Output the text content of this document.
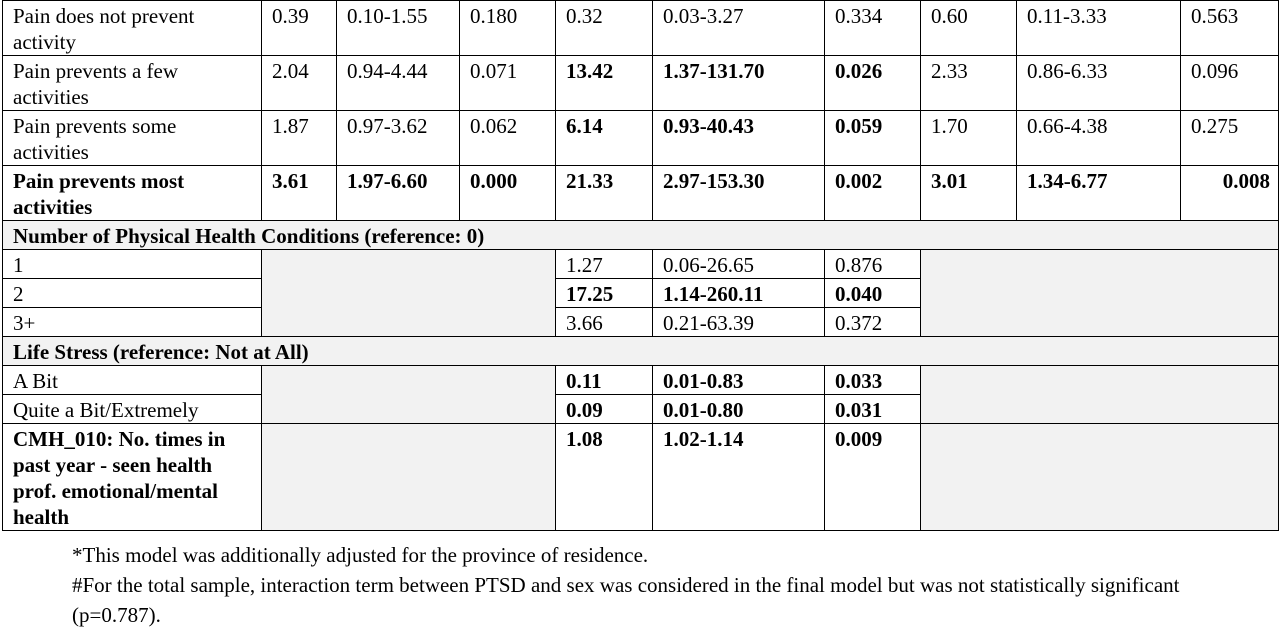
Pain does not prevent activity	0.39	0.10-1.55	0.180	0.32	0.03-3.27	0.334	0.60	0.11-3.33	0.563
Pain prevents a few activities	2.04	0.94-4.44	0.071	13.42	1.37-131.70	0.026	2.33	0.86-6.33	0.096
Pain prevents some activities	1.87	0.97-3.62	0.062	6.14	0.93-40.43	0.059	1.70	0.66-4.38	0.275
Pain prevents most activities	3.61	1.97-6.60	0.000	21.33	2.97-153.30	0.002	3.01	1.34-6.77	0.008
Number of Physical Health Conditions (reference: 0)									
1				1.27	0.06-26.65	0.876			
2				17.25	1.14-260.11	0.040			
3+				3.66	0.21-63.39	0.372			
Life Stress (reference: Not at All)									
A Bit				0.11	0.01-0.83	0.033			
Quite a Bit/Extremely				0.09	0.01-0.80	0.031			
CMH_010: No. times in past year - seen health prof. emotional/mental health				1.08	1.02-1.14	0.009			
*This model was additionally adjusted for the province of residence.
#For the total sample, interaction term between PTSD and sex was considered in the final model but was not statistically significant (p=0.787).
